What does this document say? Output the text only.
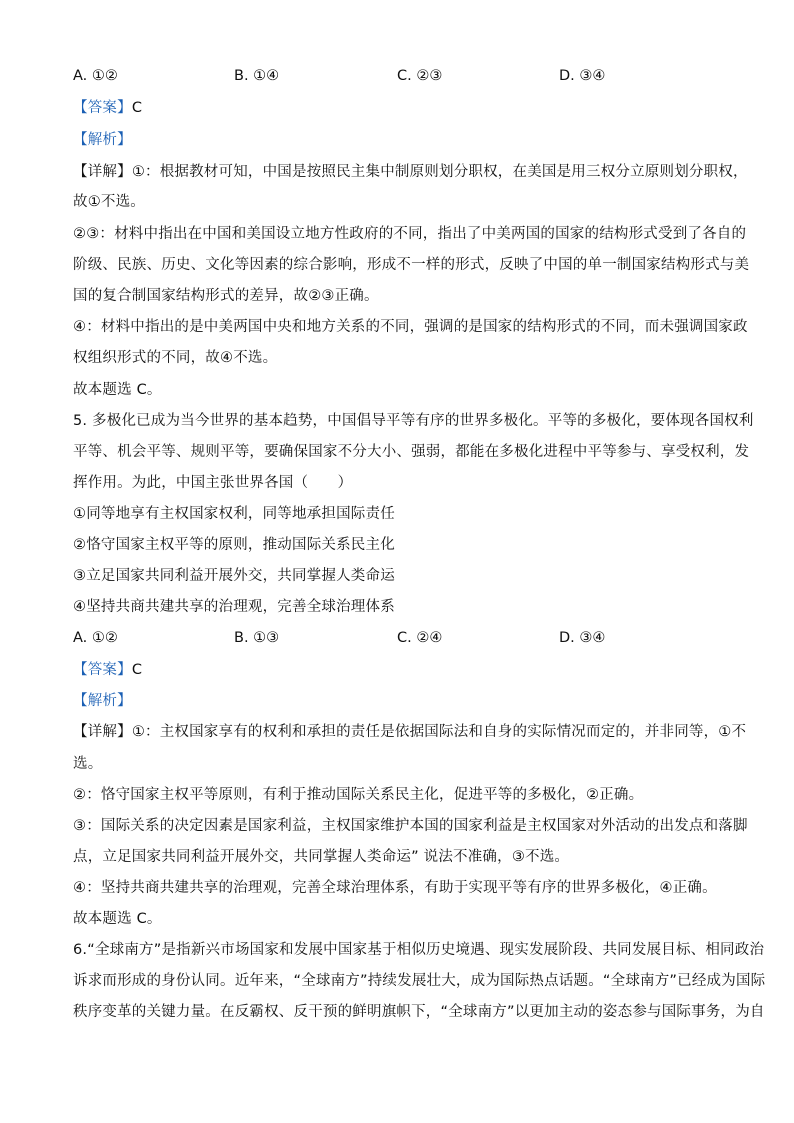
A. ①②	B. ①④	C. ②③	D. ③④
【答案】C
【解析】
【详解】①：根据教材可知，中国是按照民主集中制原则划分职权，在美国是用三权分立原则划分职权，
故①不选。
②③：材料中指出在中国和美国设立地方性政府的不同，指出了中美两国的国家的结构形式受到了各自的
阶级、民族、历史、文化等因素的综合影响，形成不一样的形式，反映了中国的单一制国家结构形式与美
国的复合制国家结构形式的差异，故②③正确。
④：材料中指出的是中美两国中央和地方关系的不同，强调的是国家的结构形式的不同，而未强调国家政
权组织形式的不同，故④不选。
故本题选 C。
5. 多极化已成为当今世界的基本趋势，中国倡导平等有序的世界多极化。平等的多极化，要体现各国权利
平等、机会平等、规则平等，要确保国家不分大小、强弱，都能在多极化进程中平等参与、享受权利，发
挥作用。为此，中国主张世界各国（　　）
①同等地享有主权国家权利，同等地承担国际责任
②恪守国家主权平等的原则，推动国际关系民主化
③立足国家共同利益开展外交，共同掌握人类命运
④坚持共商共建共享的治理观，完善全球治理体系
A. ①②	B. ①③	C. ②④	D. ③④
【答案】C
【解析】
【详解】①：主权国家享有的权利和承担的责任是依据国际法和自身的实际情况而定的，并非同等，①不
选。
②：恪守国家主权平等原则，有利于推动国际关系民主化，促进平等的多极化，②正确。
③：国际关系的决定因素是国家利益，主权国家维护本国的国家利益是主权国家对外活动的出发点和落脚
点，立足国家共同利益开展外交，共同掌握人类命运” 说法不准确，③不选。
④：坚持共商共建共享的治理观，完善全球治理体系，有助于实现平等有序的世界多极化，④正确。
故本题选 C。
6.“全球南方”是指新兴市场国家和发展中国家基于相似历史境遇、现实发展阶段、共同发展目标、相同政治
诉求而形成的身份认同。近年来，“全球南方”持续发展壮大，成为国际热点话题。“全球南方”已经成为国际
秩序变革的关键力量。在反霸权、反干预的鲜明旗帜下，“全球南方”以更加主动的姿态参与国际事务，为自
